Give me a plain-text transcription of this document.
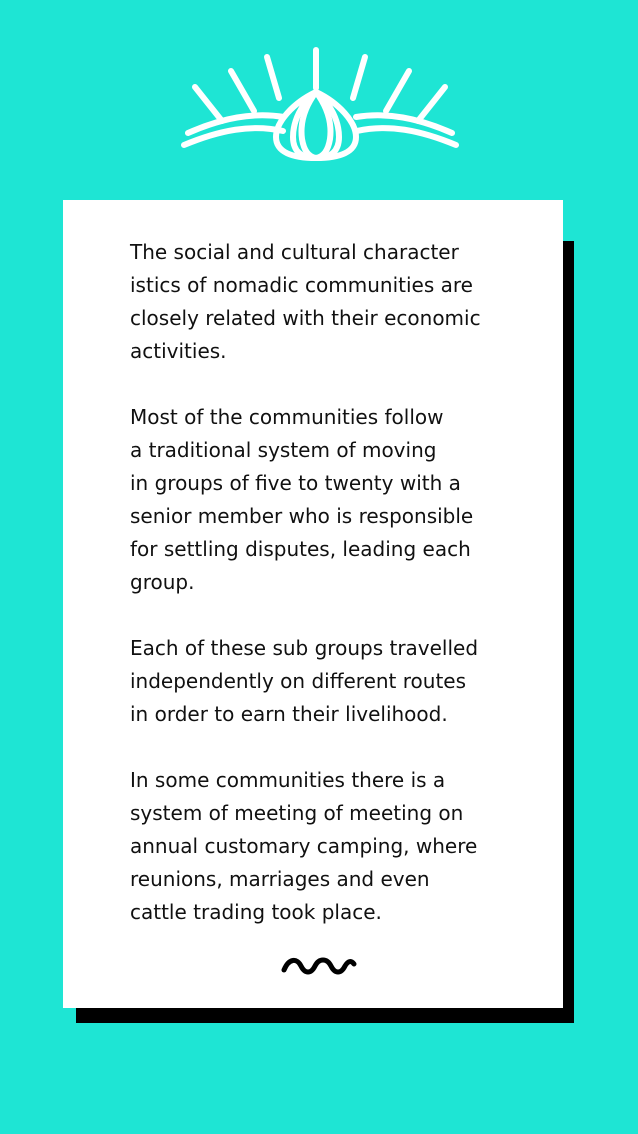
The social and cultural character
istics of nomadic communities are
closely related with their economic
activities.

Most of the communities follow
a traditional system of moving
in groups of five to twenty with a
senior member who is responsible
for settling disputes, leading each
group.

Each of these sub groups travelled
independently on different routes
in order to earn their livelihood.

In some communities there is a
system of meeting of meeting on
annual customary camping, where
reunions, marriages and even
cattle trading took place.
